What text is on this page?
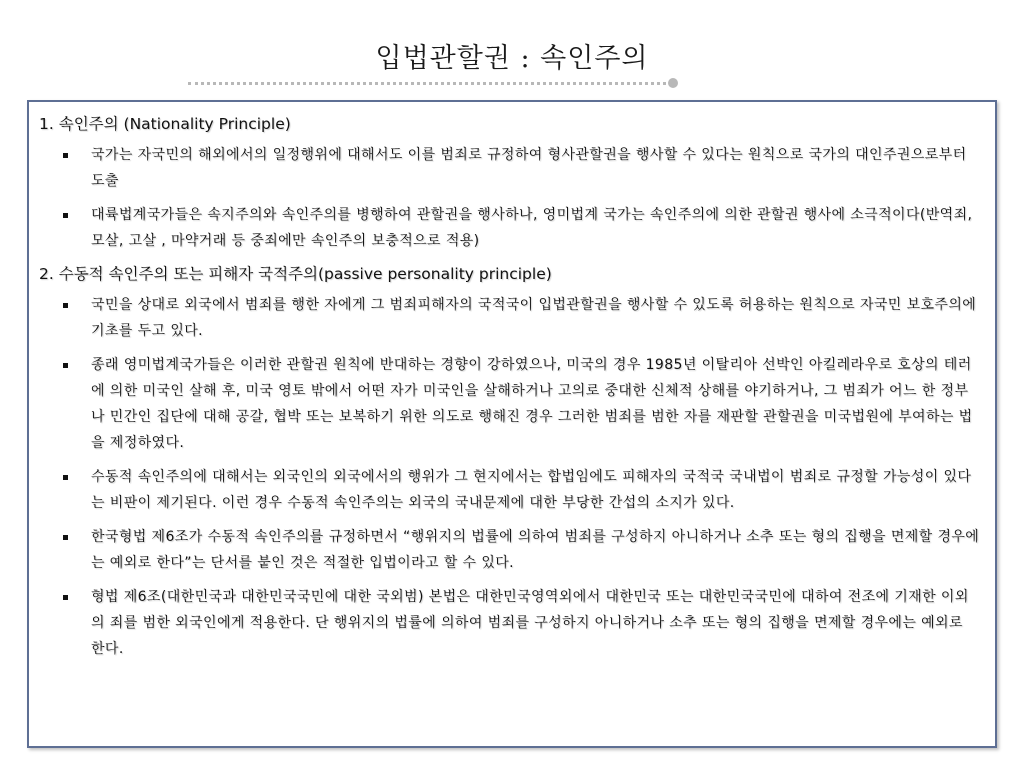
입법관할권 : 속인주의
1. 속인주의 (Nationality Principle)
국가는 자국민의 해외에서의 일정행위에 대해서도 이를 범죄로 규정하여 형사관할권을 행사할 수 있다는 원칙으로 국가의 대인주권으로부터 도출
대륙법계국가들은 속지주의와 속인주의를 병행하여 관할권을 행사하나, 영미법계 국가는 속인주의에 의한 관할권 행사에 소극적이다(반역죄, 모살, 고살 , 마약거래 등 중죄에만 속인주의 보충적으로 적용)
2. 수동적 속인주의 또는 피해자 국적주의(passive personality principle)
국민을 상대로 외국에서 범죄를 행한 자에게 그 범죄피해자의 국적국이 입법관할권을 행사할 수 있도록 허용하는 원칙으로 자국민 보호주의에 기초를 두고 있다.
종래 영미법계국가들은 이러한 관할권 원칙에 반대하는 경향이 강하였으나, 미국의 경우 1985년 이탈리아 선박인 아킬레라우로 호상의 테러에 의한 미국인 살해 후, 미국 영토 밖에서 어떤 자가 미국인을 살해하거나 고의로 중대한 신체적 상해를 야기하거나, 그 범죄가 어느 한 정부나 민간인 집단에 대해 공갈, 협박 또는 보복하기 위한 의도로 행해진 경우 그러한 범죄를 범한 자를 재판할 관할권을 미국법원에 부여하는 법을 제정하였다.
수동적 속인주의에 대해서는 외국인의 외국에서의 행위가 그 현지에서는 합법임에도 피해자의 국적국 국내법이 범죄로 규정할 가능성이 있다는 비판이 제기된다. 이런 경우 수동적 속인주의는 외국의 국내문제에 대한 부당한 간섭의 소지가 있다.
한국형법 제6조가 수동적 속인주의를 규정하면서 “행위지의 법률에 의하여 범죄를 구성하지 아니하거나 소추 또는 형의 집행을 면제할 경우에는 예외로 한다”는 단서를 붙인 것은 적절한 입법이라고 할 수 있다.
형법 제6조(대한민국과 대한민국국민에 대한 국외범) 본법은 대한민국영역외에서 대한민국 또는 대한민국국민에 대하여 전조에 기재한 이외의 죄를 범한 외국인에게 적용한다. 단 행위지의 법률에 의하여 범죄를 구성하지 아니하거나 소추 또는 형의 집행을 면제할 경우에는 예외로 한다.
